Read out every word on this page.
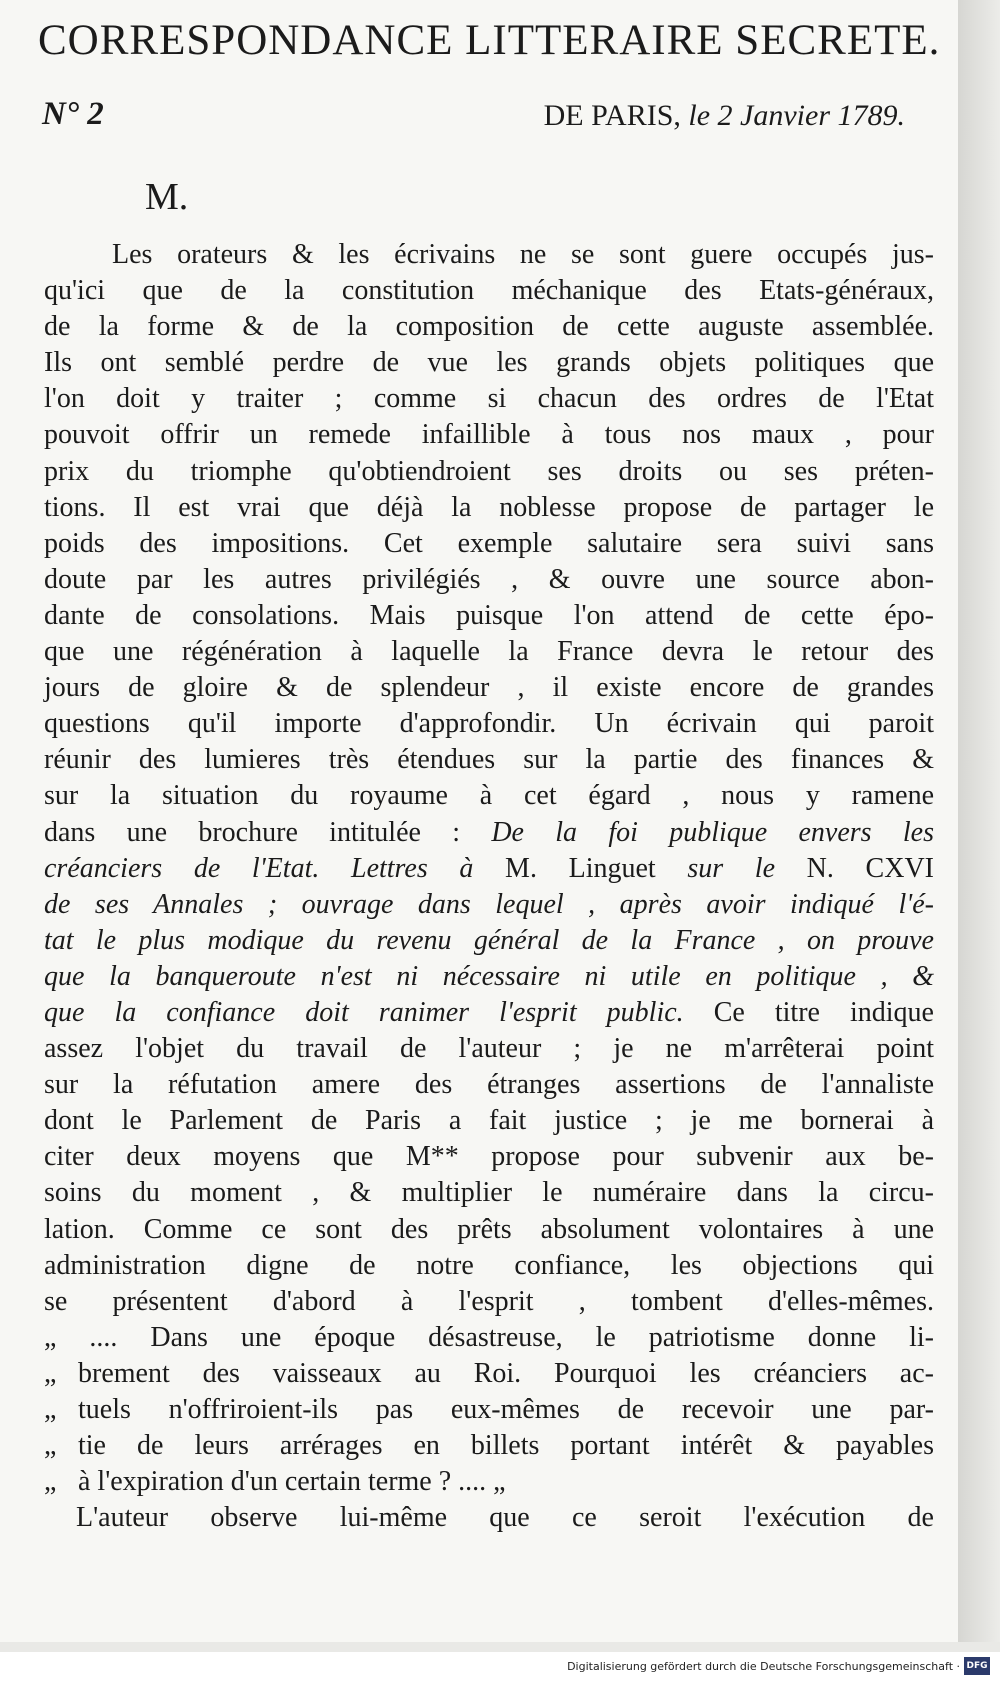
CORRESPONDANCE LITTERAIRE SECRETE.
N° 2	DE PARIS, le 2 Janvier 1789.
M.
Les orateurs & les écrivains ne se sont guere occupés jus-
qu'ici que de la constitution méchanique des Etats-généraux,
de la forme & de la composition de cette auguste assemblée.
Ils ont semblé perdre de vue les grands objets politiques que
l'on doit y traiter ; comme si chacun des ordres de l'Etat
pouvoit offrir un remede infaillible à tous nos maux , pour
prix du triomphe qu'obtiendroient ses droits ou ses préten-
tions. Il est vrai que déjà la noblesse propose de partager le
poids des impositions. Cet exemple salutaire sera suivi sans
doute par les autres privilégiés , & ouvre une source abon-
dante de consolations. Mais puisque l'on attend de cette épo-
que une régénération à laquelle la France devra le retour des
jours de gloire & de splendeur , il existe encore de grandes
questions qu'il importe d'approfondir. Un écrivain qui paroit
réunir des lumieres très étendues sur la partie des finances &
sur la situation du royaume à cet égard , nous y ramene
dans une brochure intitulée : De la foi publique envers les
créanciers de l'Etat. Lettres à M. Linguet sur le N. CXVI
de ses Annales ; ouvrage dans lequel , après avoir indiqué l'é-
tat le plus modique du revenu général de la France , on prouve
que la banqueroute n'est ni nécessaire ni utile en politique , &
que la confiance doit ranimer l'esprit public. Ce titre indique
assez l'objet du travail de l'auteur ; je ne m'arrêterai point
sur la réfutation amere des étranges assertions de l'annaliste
dont le Parlement de Paris a fait justice ; je me bornerai à
citer deux moyens que M** propose pour subvenir aux be-
soins du moment , & multiplier le numéraire dans la circu-
lation. Comme ce sont des prêts absolument volontaires à une
administration digne de notre confiance, les objections qui
se présentent d'abord à l'esprit , tombent d'elles-mêmes.
„ .... Dans une époque désastreuse, le patriotisme donne li-
„ brement des vaisseaux au Roi. Pourquoi les créanciers ac-
„ tuels n'offriroient-ils pas eux-mêmes de recevoir une par-
„ tie de leurs arrérages en billets portant intérêt & payables
„ à l'expiration d'un certain terme ? .... „
L'auteur observe lui-même que ce seroit l'exécution de
Digitalisierung gefördert durch die Deutsche Forschungsgemeinschaft · DFG
